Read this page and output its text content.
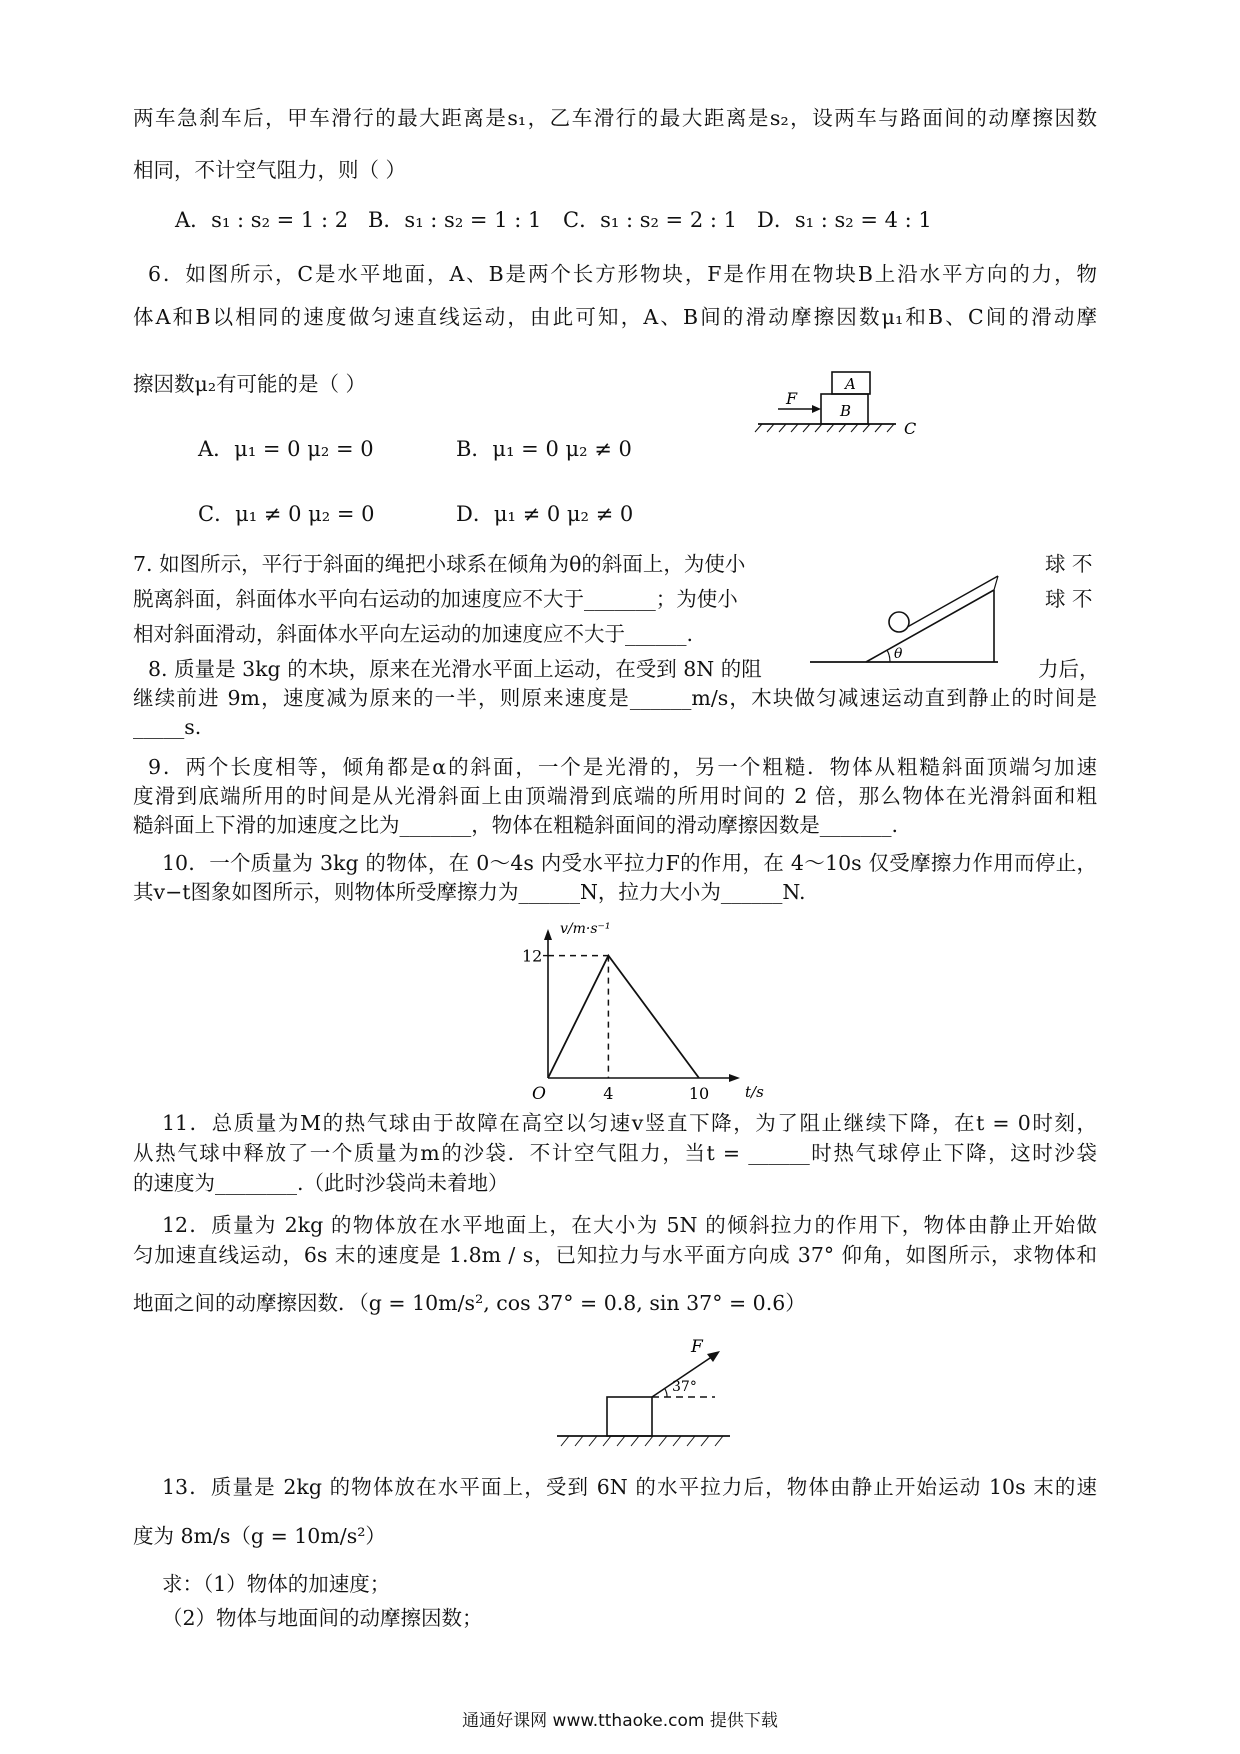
两车急刹车后，甲车滑行的最大距离是s₁，乙车滑行的最大距离是s₂，设两车与路面间的动摩擦因数
相同，不计空气阻力，则（ ）
A．s₁ : s₂ = 1 : 2 B．s₁ : s₂ = 1 : 1 C．s₁ : s₂ = 2 : 1 D．s₁ : s₂ = 4 : 1
6．如图所示，C是水平地面，A、B是两个长方形物块，F是作用在物块B上沿水平方向的力，物
体A和B以相同的速度做匀速直线运动，由此可知，A、B间的滑动摩擦因数μ₁和B、C间的滑动摩
擦因数μ₂有可能的是（ ）
A．μ₁ = 0 μ₂ = 0	B．μ₁ = 0 μ₂ ≠ 0
C．μ₁ ≠ 0 μ₂ = 0	D．μ₁ ≠ 0 μ₂ ≠ 0
F
A
B
C
7. 如图所示，平行于斜面的绳把小球系在倾角为θ的斜面上，为使小	球 不
脱离斜面，斜面体水平向右运动的加速度应不大于_______；为使小	球 不
相对斜面滑动，斜面体水平向左运动的加速度应不大于______.
θ
8. 质量是 3kg 的木块，原来在光滑水平面上运动，在受到 8N 的阻	力后，
继续前进 9m，速度减为原来的一半，则原来速度是______m/s，木块做匀减速运动直到静止的时间是
_____s.
9．两个长度相等，倾角都是α的斜面，一个是光滑的，另一个粗糙．物体从粗糙斜面顶端匀加速
度滑到底端所用的时间是从光滑斜面上由顶端滑到底端的所用时间的 2 倍，那么物体在光滑斜面和粗
糙斜面上下滑的加速度之比为_______，物体在粗糙斜面间的滑动摩擦因数是_______.
10．一个质量为 3kg 的物体，在 0～4s 内受水平拉力F的作用，在 4～10s 仅受摩擦力作用而停止，
其v−t图象如图所示，则物体所受摩擦力为______N，拉力大小为______N.
v/m·s⁻¹
t/s
O	4	10
12
11．总质量为M的热气球由于故障在高空以匀速v竖直下降，为了阻止继续下降，在t = 0时刻，
从热气球中释放了一个质量为m的沙袋．不计空气阻力，当t = ______时热气球停止下降，这时沙袋
的速度为________.（此时沙袋尚未着地）
12．质量为 2kg 的物体放在水平地面上，在大小为 5N 的倾斜拉力的作用下，物体由静止开始做
匀加速直线运动，6s 末的速度是 1.8m / s，已知拉力与水平面方向成 37° 仰角，如图所示，求物体和
地面之间的动摩擦因数．（g = 10m/s², cos 37° = 0.8, sin 37° = 0.6）
F
37°
13．质量是 2kg 的物体放在水平面上，受到 6N 的水平拉力后，物体由静止开始运动 10s 末的速
度为 8m/s（g = 10m/s²）
求：（1）物体的加速度；
（2）物体与地面间的动摩擦因数；
通通好课网 www.tthaoke.com 提供下载
